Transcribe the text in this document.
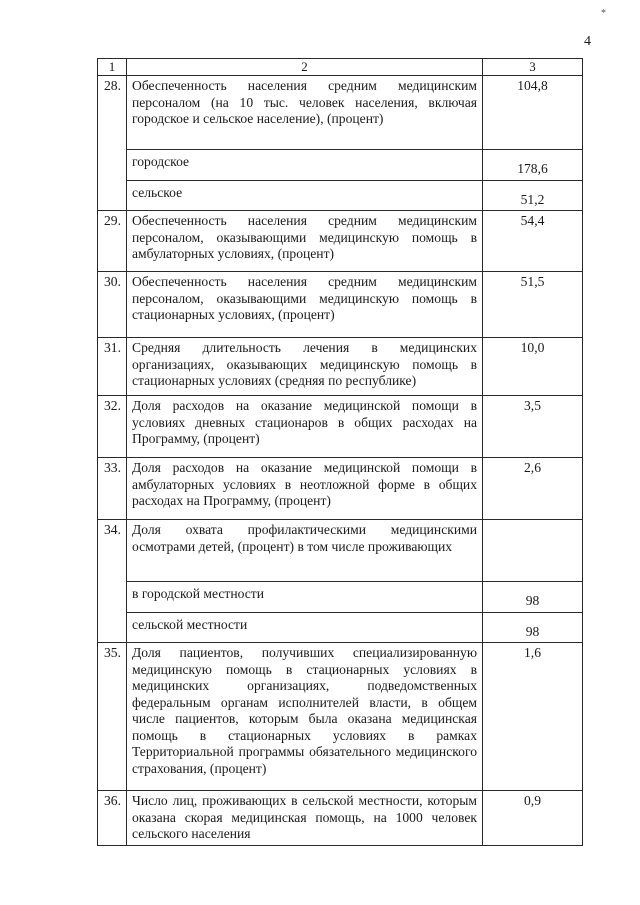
*
4
1	2	3
28.	Обеспеченность населения средним медицинским персоналом (на 10 тыс. человек населения, включая городское и сельское население), (процент)	104,8
	городское	178,6
	сельское	51,2
29.	Обеспеченность населения средним медицинским персоналом, оказывающими медицинскую помощь в амбулаторных условиях, (процент)	54,4
30.	Обеспеченность населения средним медицинским персоналом, оказывающими медицинскую помощь в стационарных условиях, (процент)	51,5
31.	Средняя длительность лечения в медицинских организациях, оказывающих медицинскую помощь в стационарных условиях (средняя по республике)	10,0
32.	Доля расходов на оказание медицинской помощи в условиях дневных стационаров в общих расходах на Программу, (процент)	3,5
33.	Доля расходов на оказание медицинской помощи в амбулаторных условиях в неотложной форме в общих расходах на Программу, (процент)	2,6
34.	Доля охвата профилактическими медицинскими осмотрами детей, (процент) в том числе проживающих	
	в городской местности	98
	сельской местности	98
35.	Доля пациентов, получивших специализированную медицинскую помощь в стационарных условиях в медицинских организациях, подведомственных федеральным органам исполнителей власти, в общем числе пациентов, которым была оказана медицинская помощь в стационарных условиях в рамках Территориальной программы обязательного медицинского страхования, (процент)	1,6
36.	Число лиц, проживающих в сельской местности, которым оказана скорая медицинская помощь, на 1000 человек сельского населения	0,9
